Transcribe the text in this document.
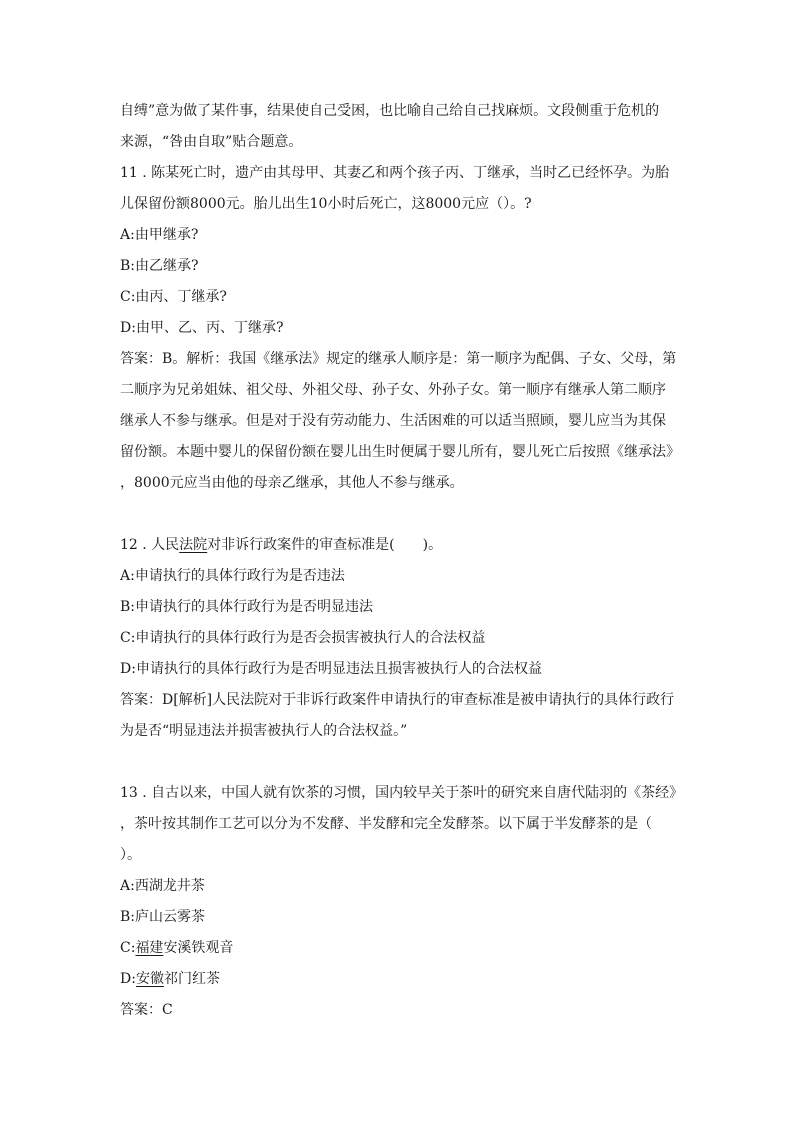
自缚”意为做了某件事，结果使自己受困，也比喻自己给自己找麻烦。文段侧重于危机的
来源，“咎由自取”贴合题意。
11 . 陈某死亡时，遗产由其母甲、其妻乙和两个孩子丙、丁继承，当时乙已经怀孕。为胎
儿保留份额8000元。胎儿出生10小时后死亡，这8000元应（）。?
A:由甲继承?
B:由乙继承?
C:由丙、丁继承?
D:由甲、乙、丙、丁继承?
答案：B。解析：我国《继承法》规定的继承人顺序是：第一顺序为配偶、子女、父母，第
二顺序为兄弟姐妹、祖父母、外祖父母、孙子女、外孙子女。第一顺序有继承人第二顺序
继承人不参与继承。但是对于没有劳动能力、生活困难的可以适当照顾，婴儿应当为其保
留份额。本题中婴儿的保留份额在婴儿出生时便属于婴儿所有，婴儿死亡后按照《继承法》
，8000元应当由他的母亲乙继承，其他人不参与继承。
12 . 人民法院对非诉行政案件的审查标准是(　　)。
A:申请执行的具体行政行为是否违法
B:申请执行的具体行政行为是否明显违法
C:申请执行的具体行政行为是否会损害被执行人的合法权益
D:申请执行的具体行政行为是否明显违法且损害被执行人的合法权益
答案：D[解析]人民法院对于非诉行政案件申请执行的审查标准是被申请执行的具体行政行
为是否“明显违法并损害被执行人的合法权益。”
13 . 自古以来，中国人就有饮茶的习惯，国内较早关于茶叶的研究来自唐代陆羽的《茶经》
，茶叶按其制作工艺可以分为不发酵、半发酵和完全发酵茶。以下属于半发酵茶的是（
）。
A:西湖龙井茶
B:庐山云雾茶
C:福建安溪铁观音
D:安徽祁门红茶
答案：C
